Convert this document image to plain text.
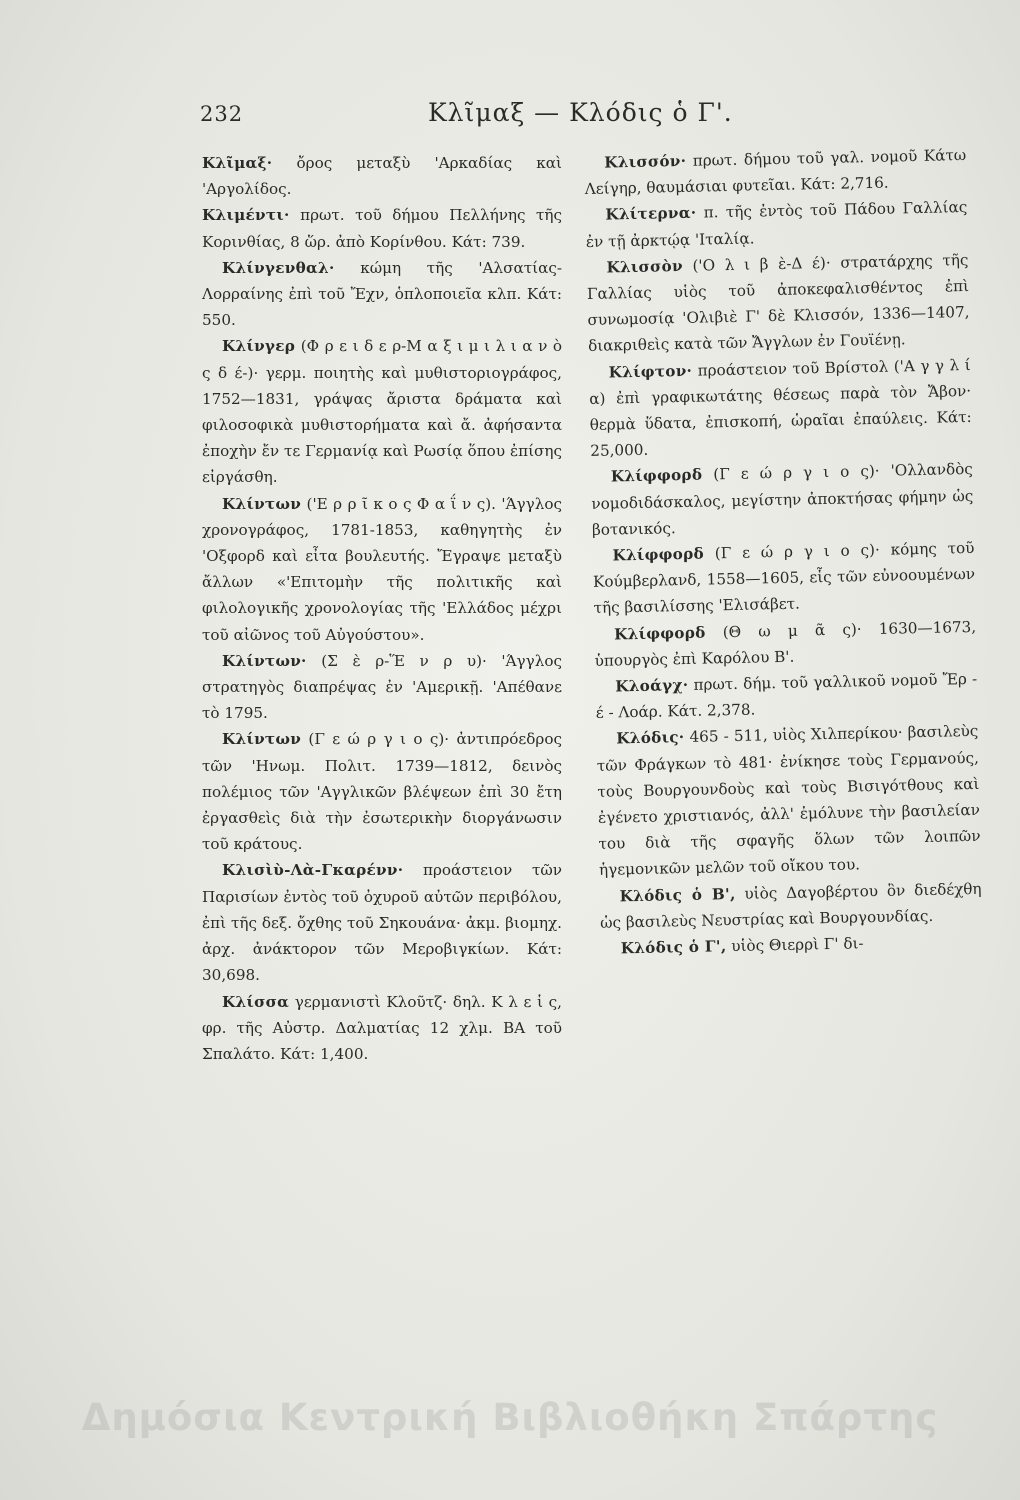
232	Κλῖμαξ — Κλόδις ὁ Γ'.

Κλῖμαξ· ὄρος μεταξὺ 'Αρκαδίας καὶ 'Αργολίδος.

Κλιμέντι· πρωτ. τοῦ δήμου Πελλήνης τῆς Κορινθίας, 8 ὥρ. ἀπὸ Κορίνθου. Κάτ: 739.

Κλίνγενθαλ· κώμη τῆς 'Αλσατίας-Λορραίνης ἐπὶ τοῦ Ἔχν, ὁπλοποιεῖα κλπ. Κάτ: 550.

Κλίνγερ (Φ ρ ε ι δ ε ρ-Μ α ξ ι μ ι λ ι α ν ὸ ς δ έ-)· γερμ. ποιητὴς καὶ μυθιστοριογράφος, 1752—1831, γράψας ἄριστα δράματα καὶ φιλοσοφικὰ μυθιστορήματα καὶ ἄ. ἀφήσαντα ἐποχὴν ἔν τε Γερμανίᾳ καὶ Ρωσίᾳ ὅπου ἐπίσης εἰργάσθη.

Κλίντων ('Ε ρ ρ ῖ κ ο ς Φ α ΐ ν ς). 'Άγγλος χρονογράφος, 1781-1853, καθηγητὴς ἐν 'Οξφορδ καὶ εἶτα βουλευτής. Ἔγραψε μεταξὺ ἄλλων «'Επιτομὴν τῆς πολιτικῆς καὶ φιλολογικῆς χρονολογίας τῆς 'Ελλάδος μέχρι τοῦ αἰῶνος τοῦ Αὐγούστου».

Κλίντων· (Σ ὲ ρ-Ἕ ν ρ υ)· 'Άγγλος στρατηγὸς διαπρέψας ἐν 'Αμερικῇ. 'Απέθανε τὸ 1795.

Κλίντων (Γ ε ώ ρ γ ι ο ς)· ἀντιπρόεδρος τῶν 'Ηνωμ. Πολιτ. 1739—1812, δεινὸς πολέμιος τῶν 'Αγγλικῶν βλέψεων ἐπὶ 30 ἔτη ἐργασθεὶς διὰ τὴν ἐσωτερικὴν διοργάνωσιν τοῦ κράτους.

Κλισὶὺ-Λὰ-Γκαρένν· προάστειον τῶν Παρισίων ἐντὸς τοῦ ὀχυροῦ αὐτῶν περιβόλου, ἐπὶ τῆς δεξ. ὄχθης τοῦ Σηκουάνα· ἀκμ. βιομηχ. ἀρχ. ἀνάκτορον τῶν Μεροβιγκίων. Κάτ: 30,698.

Κλίσσα γερμανιστὶ Κλοῦτζ· δηλ. Κ λ ε ἱ ς, φρ. τῆς Αὐστρ. Δαλματίας 12 χλμ. ΒΑ τοῦ Σπαλάτο. Κάτ: 1,400.

Κλισσόν· πρωτ. δήμου τοῦ γαλ. νομοῦ Κάτω Λείγηρ, θαυμάσιαι φυτεῖαι. Κάτ: 2,716.

Κλίτερνα· π. τῆς ἐντὸς τοῦ Πάδου Γαλλίας ἐν τῇ ἀρκτῴᾳ 'Ιταλίᾳ.

Κλισσὸν ('Ο λ ι β ὲ-Δ έ)· στρατάρχης τῆς Γαλλίας υἱὸς τοῦ ἀποκεφαλισθέντος ἐπὶ συνωμοσίᾳ 'Ολιβιὲ Γ' δὲ Κλισσόν, 1336—1407, διακριθεὶς κατὰ τῶν Ἄγγλων ἐν Γουϊένῃ.

Κλίφτον· προάστειον τοῦ Βρίστολ ('Α γ γ λ ί α) ἐπὶ γραφικωτάτης θέσεως παρὰ τὸν Ἄβον· θερμὰ ὕδατα, ἐπισκοπή, ὡραῖαι ἐπαύλεις. Κάτ: 25,000.

Κλίφφορδ (Γ ε ώ ρ γ ι ο ς)· 'Ολλανδὸς νομοδιδάσκαλος, μεγίστην ἀποκτήσας φήμην ὡς βοτανικός.

Κλίφφορδ (Γ ε ώ ρ γ ι ο ς)· κόμης τοῦ Κούμβερλανδ, 1558—1605, εἷς τῶν εὐνοουμένων τῆς βασιλίσσης 'Ελισάβετ.

Κλίφφορδ (Θ ω μ ᾶ ς)· 1630—1673, ὑπουργὸς ἐπὶ Καρόλου Β'.

Κλοάγχ· πρωτ. δήμ. τοῦ γαλλικοῦ νομοῦ Ἔρ - έ - Λοάρ. Κάτ. 2,378.

Κλόδις· 465 - 511, υἱὸς Χιλπερίκου· βασιλεὺς τῶν Φράγκων τὸ 481· ἐνίκησε τοὺς Γερμανούς, τοὺς Βουργουνδοὺς καὶ τοὺς Βισιγότθους καὶ ἐγένετο χριστιανός, ἀλλ' ἐμόλυνε τὴν βασιλείαν του διὰ τῆς σφαγῆς ὅλων τῶν λοιπῶν ἡγεμονικῶν μελῶν τοῦ οἴκου του.

Κλόδις ὁ Β', υἱὸς Δαγοβέρτου ὃν διεδέχθη ὡς βασιλεὺς Νευστρίας καὶ Βουργουνδίας.

Κλόδις ὁ Γ', υἱὸς Θιερρὶ Γ' δι-

Δημόσια Κεντρική Βιβλιοθήκη Σπάρτης
